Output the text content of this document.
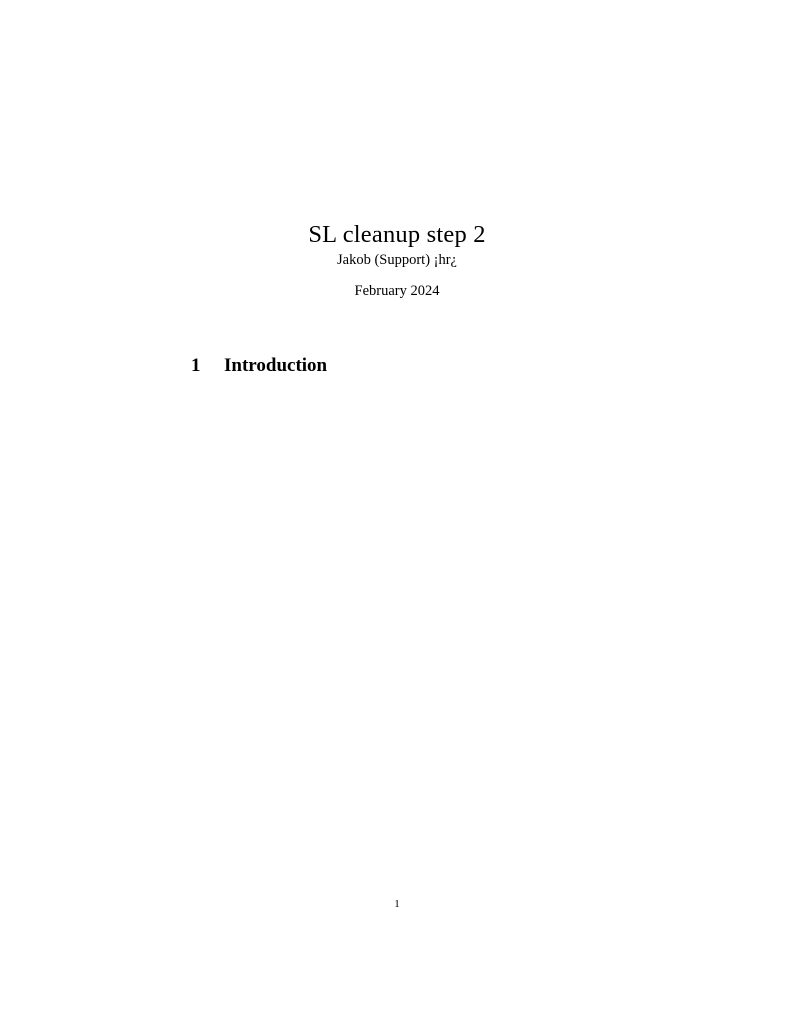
SL cleanup step 2
Jakob (Support) ¡hr¿
February 2024

1 Introduction

1
